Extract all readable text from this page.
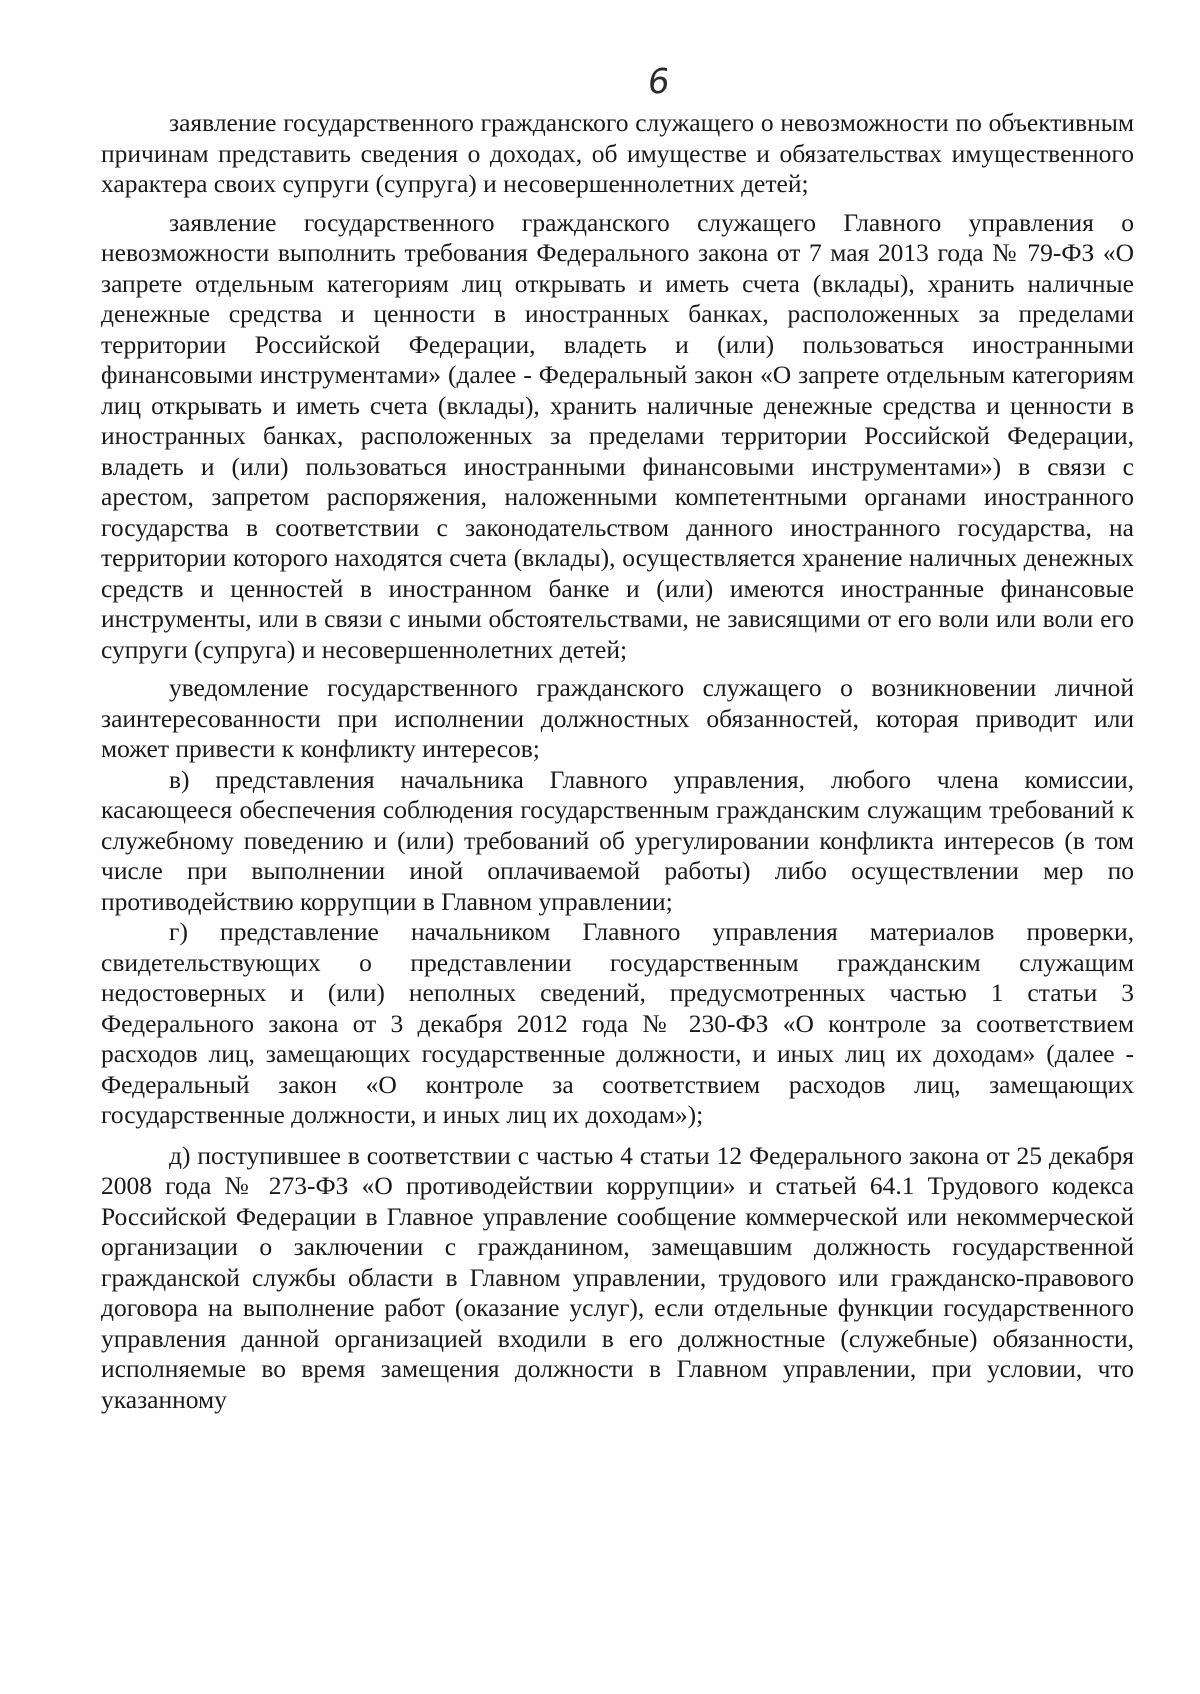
6

заявление государственного гражданского служащего о невозможности по объективным причинам представить сведения о доходах, об имуществе и обязательствах имущественного характера своих супруги (супруга) и несовершеннолетних детей;

заявление государственного гражданского служащего Главного управления о невозможности выполнить требования Федерального закона от 7 мая 2013 года № 79-ФЗ «О запрете отдельным категориям лиц открывать и иметь счета (вклады), хранить наличные денежные средства и ценности в иностранных банках, расположенных за пределами территории Российской Федерации, владеть и (или) пользоваться иностранными финансовыми инструментами» (далее - Федеральный закон «О запрете отдельным категориям лиц открывать и иметь счета (вклады), хранить наличные денежные средства и ценности в иностранных банках, расположенных за пределами территории Российской Федерации, владеть и (или) пользоваться иностранными финансовыми инструментами») в связи с арестом, запретом распоряжения, наложенными компетентными органами иностранного государства в соответствии с законодательством данного иностранного государства, на территории которого находятся счета (вклады), осуществляется хранение наличных денежных средств и ценностей в иностранном банке и (или) имеются иностранные финансовые инструменты, или в связи с иными обстоятельствами, не зависящими от его воли или воли его супруги (супруга) и несовершеннолетних детей;

уведомление государственного гражданского служащего о возникновении личной заинтересованности при исполнении должностных обязанностей, которая приводит или может привести к конфликту интересов;

в) представления начальника Главного управления, любого члена комиссии, касающееся обеспечения соблюдения государственным гражданским служащим требований к служебному поведению и (или) требований об урегулировании конфликта интересов (в том числе при выполнении иной оплачиваемой работы) либо осуществлении мер по противодействию коррупции в Главном управлении;

г) представление начальником Главного управления материалов проверки, свидетельствующих о представлении государственным гражданским служащим недостоверных и (или) неполных сведений, предусмотренных частью 1 статьи 3 Федерального закона от 3 декабря 2012 года № 230-ФЗ «О контроле за соответствием расходов лиц, замещающих государственные должности, и иных лиц их доходам» (далее - Федеральный закон «О контроле за соответствием расходов лиц, замещающих государственные должности, и иных лиц их доходам»);

д) поступившее в соответствии с частью 4 статьи 12 Федерального закона от 25 декабря 2008 года № 273-ФЗ «О противодействии коррупции» и статьей 64.1 Трудового кодекса Российской Федерации в Главное управление сообщение коммерческой или некоммерческой организации о заключении с гражданином, замещавшим должность государственной гражданской службы области в Главном управлении, трудового или гражданско-правового договора на выполнение работ (оказание услуг), если отдельные функции государственного управления данной организацией входили в его должностные (служебные) обязанности, исполняемые во время замещения должности в Главном управлении, при условии, что указанному
